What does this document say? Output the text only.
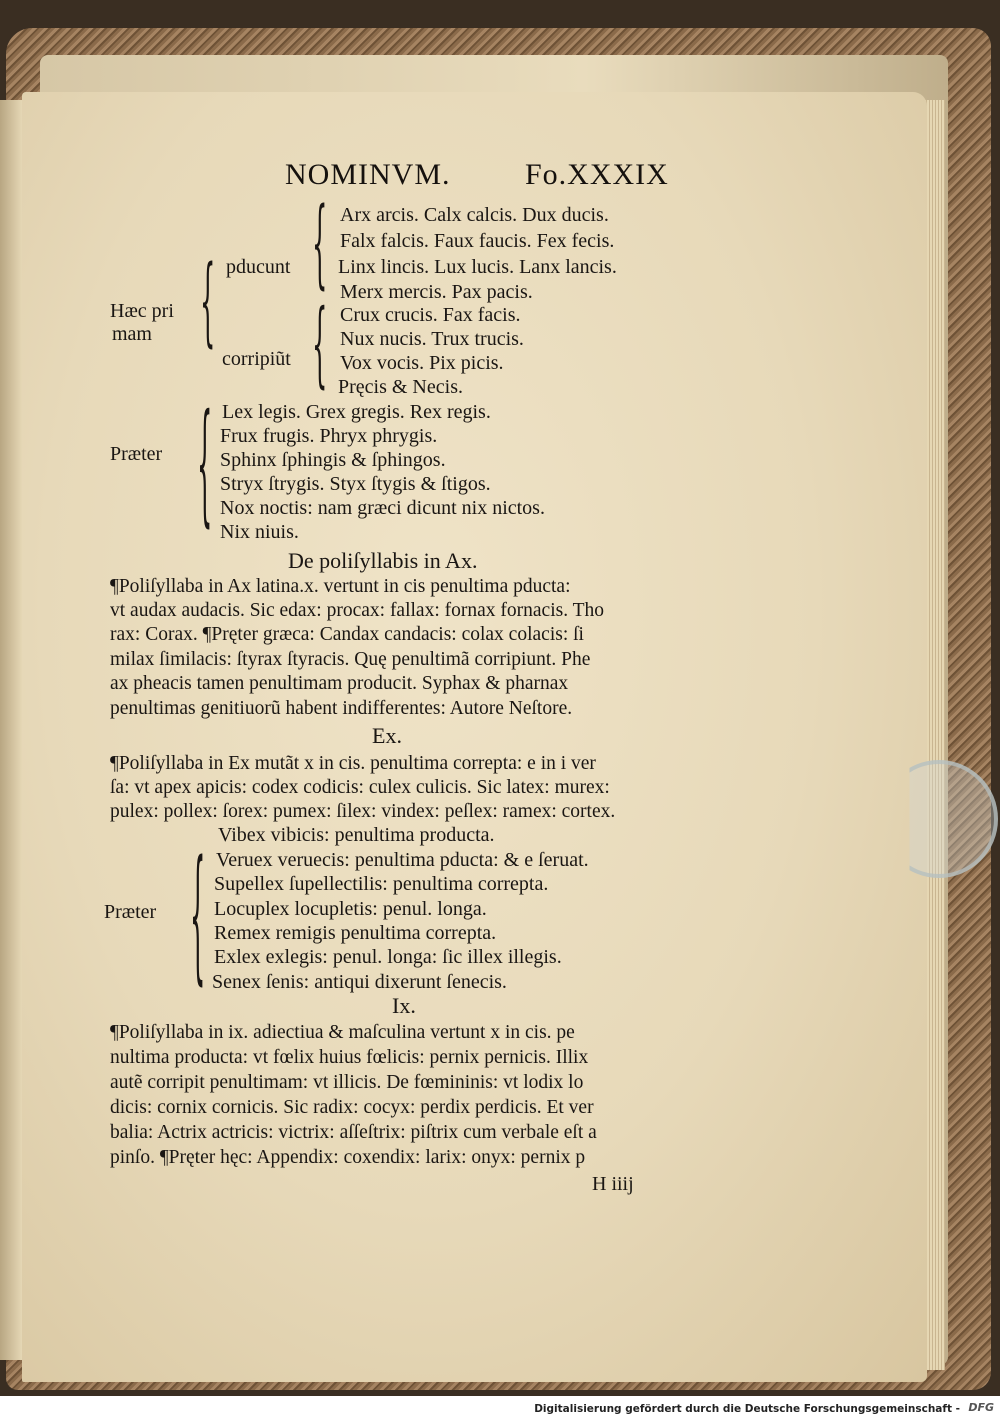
NOMINVM. Fo.XXXIX
Hæc pri
mam { pducunt
corripiũt
{
{
Arx arcis. Calx calcis. Dux ducis.
Falx falcis. Faux faucis. Fex fecis.
Linx lincis. Lux lucis. Lanx lancis.
Merx mercis. Pax pacis.
Crux crucis. Fax facis.
Nux nucis. Trux trucis.
Vox vocis. Pix picis.
Pręcis & Necis.
Præter { Lex legis. Grex gregis. Rex regis.
Frux frugis. Phryx phrygis.
Sphinx ſphingis & ſphingos.
Stryx ſtrygis. Styx ſtygis & ſtigos.
Nox noctis: nam græci dicunt nix nictos.
Nix niuis.
De poliſyllabis in Ax.
¶Poliſyllaba in Ax latina.x. vertunt in cis penultima pducta:
vt audax audacis. Sic edax: procax: fallax: fornax fornacis. Tho
rax: Corax. ¶Pręter græca: Candax candacis: colax colacis: ſi
milax ſimilacis: ſtyrax ſtyracis. Quę penultimã corripiunt. Phe
ax pheacis tamen penultimam producit. Syphax & pharnax
penultimas genitiuorũ habent indifferentes: Autore Neſtore.
Ex.
¶Poliſyllaba in Ex mutãt x in cis. penultima correpta: e in i ver
ſa: vt apex apicis: codex codicis: culex culicis. Sic latex: murex:
pulex: pollex: ſorex: pumex: ſilex: vindex: peſlex: ramex: cortex.
Præter { Vibex vibicis: penultima producta.
Veruex veruecis: penultima pducta: & e ſeruat.
Supellex ſupellectilis: penultima correpta.
Locuplex locupletis: penul. longa.
Remex remigis penultima correpta.
Exlex exlegis: penul. longa: ſic illex illegis.
Senex ſenis: antiqui dixerunt ſenecis.
Ix.
¶Poliſyllaba in ix. adiectiua & maſculina vertunt x in cis. pe
nultima producta: vt fœlix huius fœlicis: pernix pernicis. Illix
autẽ corripit penultimam: vt illicis. De fœmininis: vt lodix lo
dicis: cornix cornicis. Sic radix: cocyx: perdix perdicis. Et ver
balia: Actrix actricis: victrix: aſſeſtrix: piſtrix cum verbale eſt a
pinſo. ¶Pręter hęc: Appendix: coxendix: larix: onyx: pernix p
H iiij
Digitalisierung gefördert durch die Deutsche Forschungsgemeinschaft - DFG
